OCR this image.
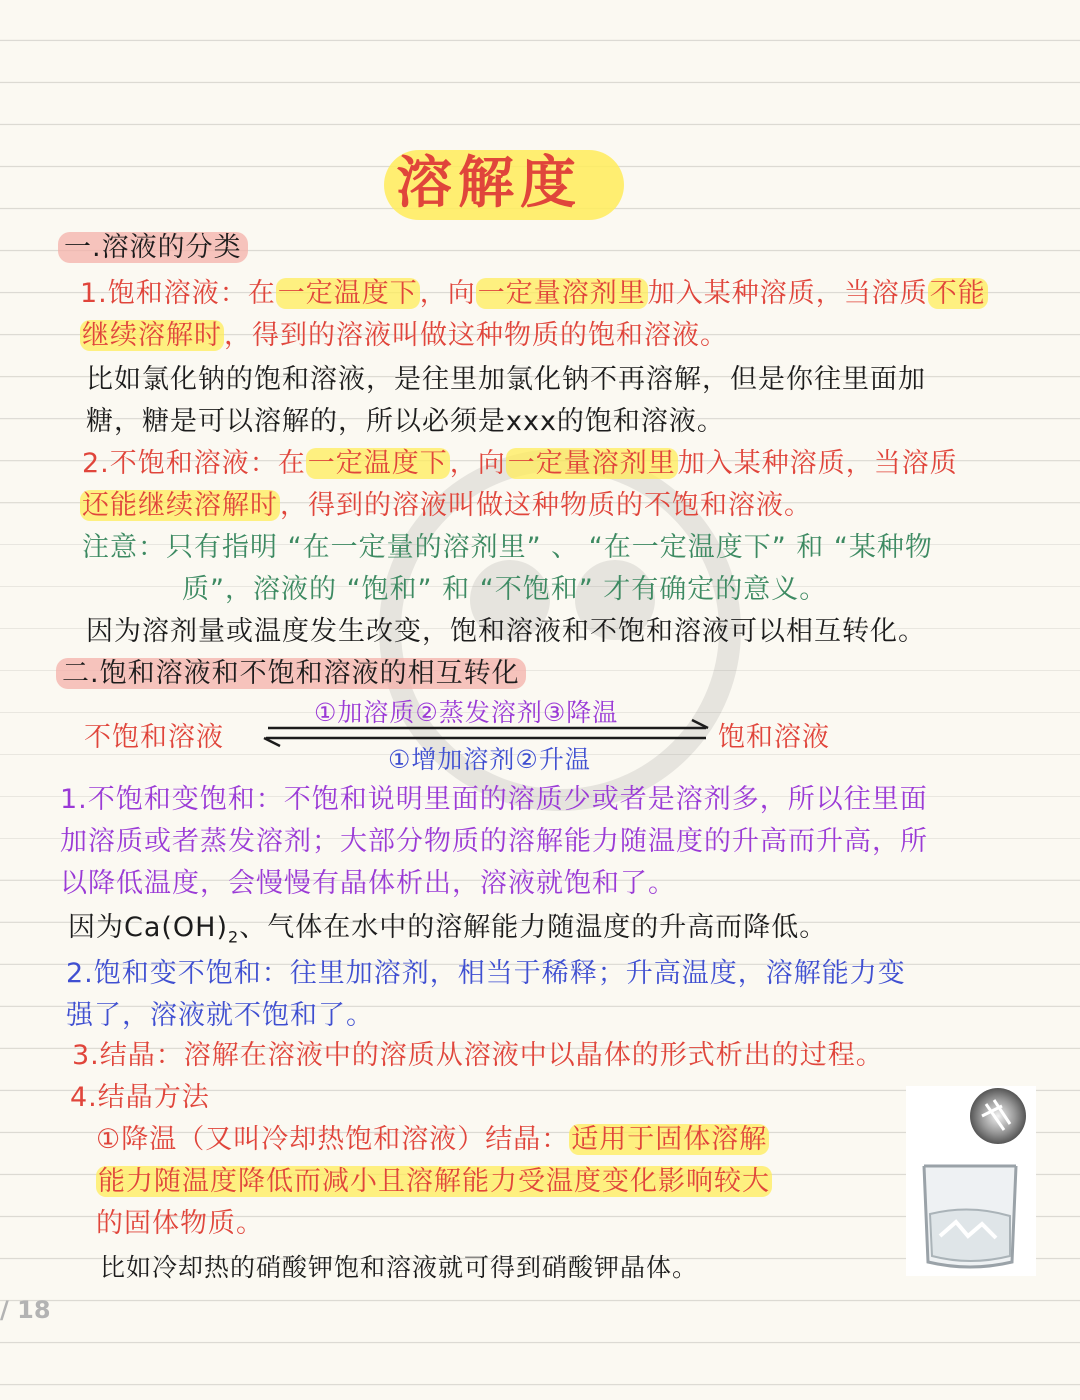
溶解度
一.溶液的分类
1.饱和溶液：在一定温度下，向一定量溶剂里加入某种溶质，当溶质不能
继续溶解时，得到的溶液叫做这种物质的饱和溶液。
比如氯化钠的饱和溶液，是往里加氯化钠不再溶解，但是你往里面加
糖，糖是可以溶解的，所以必须是xxx的饱和溶液。
2.不饱和溶液：在一定温度下，向一定量溶剂里加入某种溶质，当溶质
还能继续溶解时，得到的溶液叫做这种物质的不饱和溶液。
注意：只有指明 “在一定量的溶剂里” 、 “在一定温度下” 和 “某种物
质”，溶液的 “饱和” 和 “不饱和” 才有确定的意义。
因为溶剂量或温度发生改变，饱和溶液和不饱和溶液可以相互转化。
二.饱和溶液和不饱和溶液的相互转化
①加溶质②蒸发溶剂③降温
不饱和溶液	饱和溶液
①增加溶剂②升温
1.不饱和变饱和：不饱和说明里面的溶质少或者是溶剂多，所以往里面
加溶质或者蒸发溶剂；大部分物质的溶解能力随温度的升高而升高，所
以降低温度，会慢慢有晶体析出，溶液就饱和了。
因为$Ca(OH)_2$、气体在水中的溶解能力随温度的升高而降低。
2.饱和变不饱和：往里加溶剂，相当于稀释；升高温度，溶解能力变
强了，溶液就不饱和了。
3.结晶：溶解在溶液中的溶质从溶液中以晶体的形式析出的过程。
4.结晶方法
①降温（又叫冷却热饱和溶液）结晶：适用于固体溶解
能力随温度降低而减小且溶解能力受温度变化影响较大
的固体物质。
比如冷却热的硝酸钾饱和溶液就可得到硝酸钾晶体。
/ 18
